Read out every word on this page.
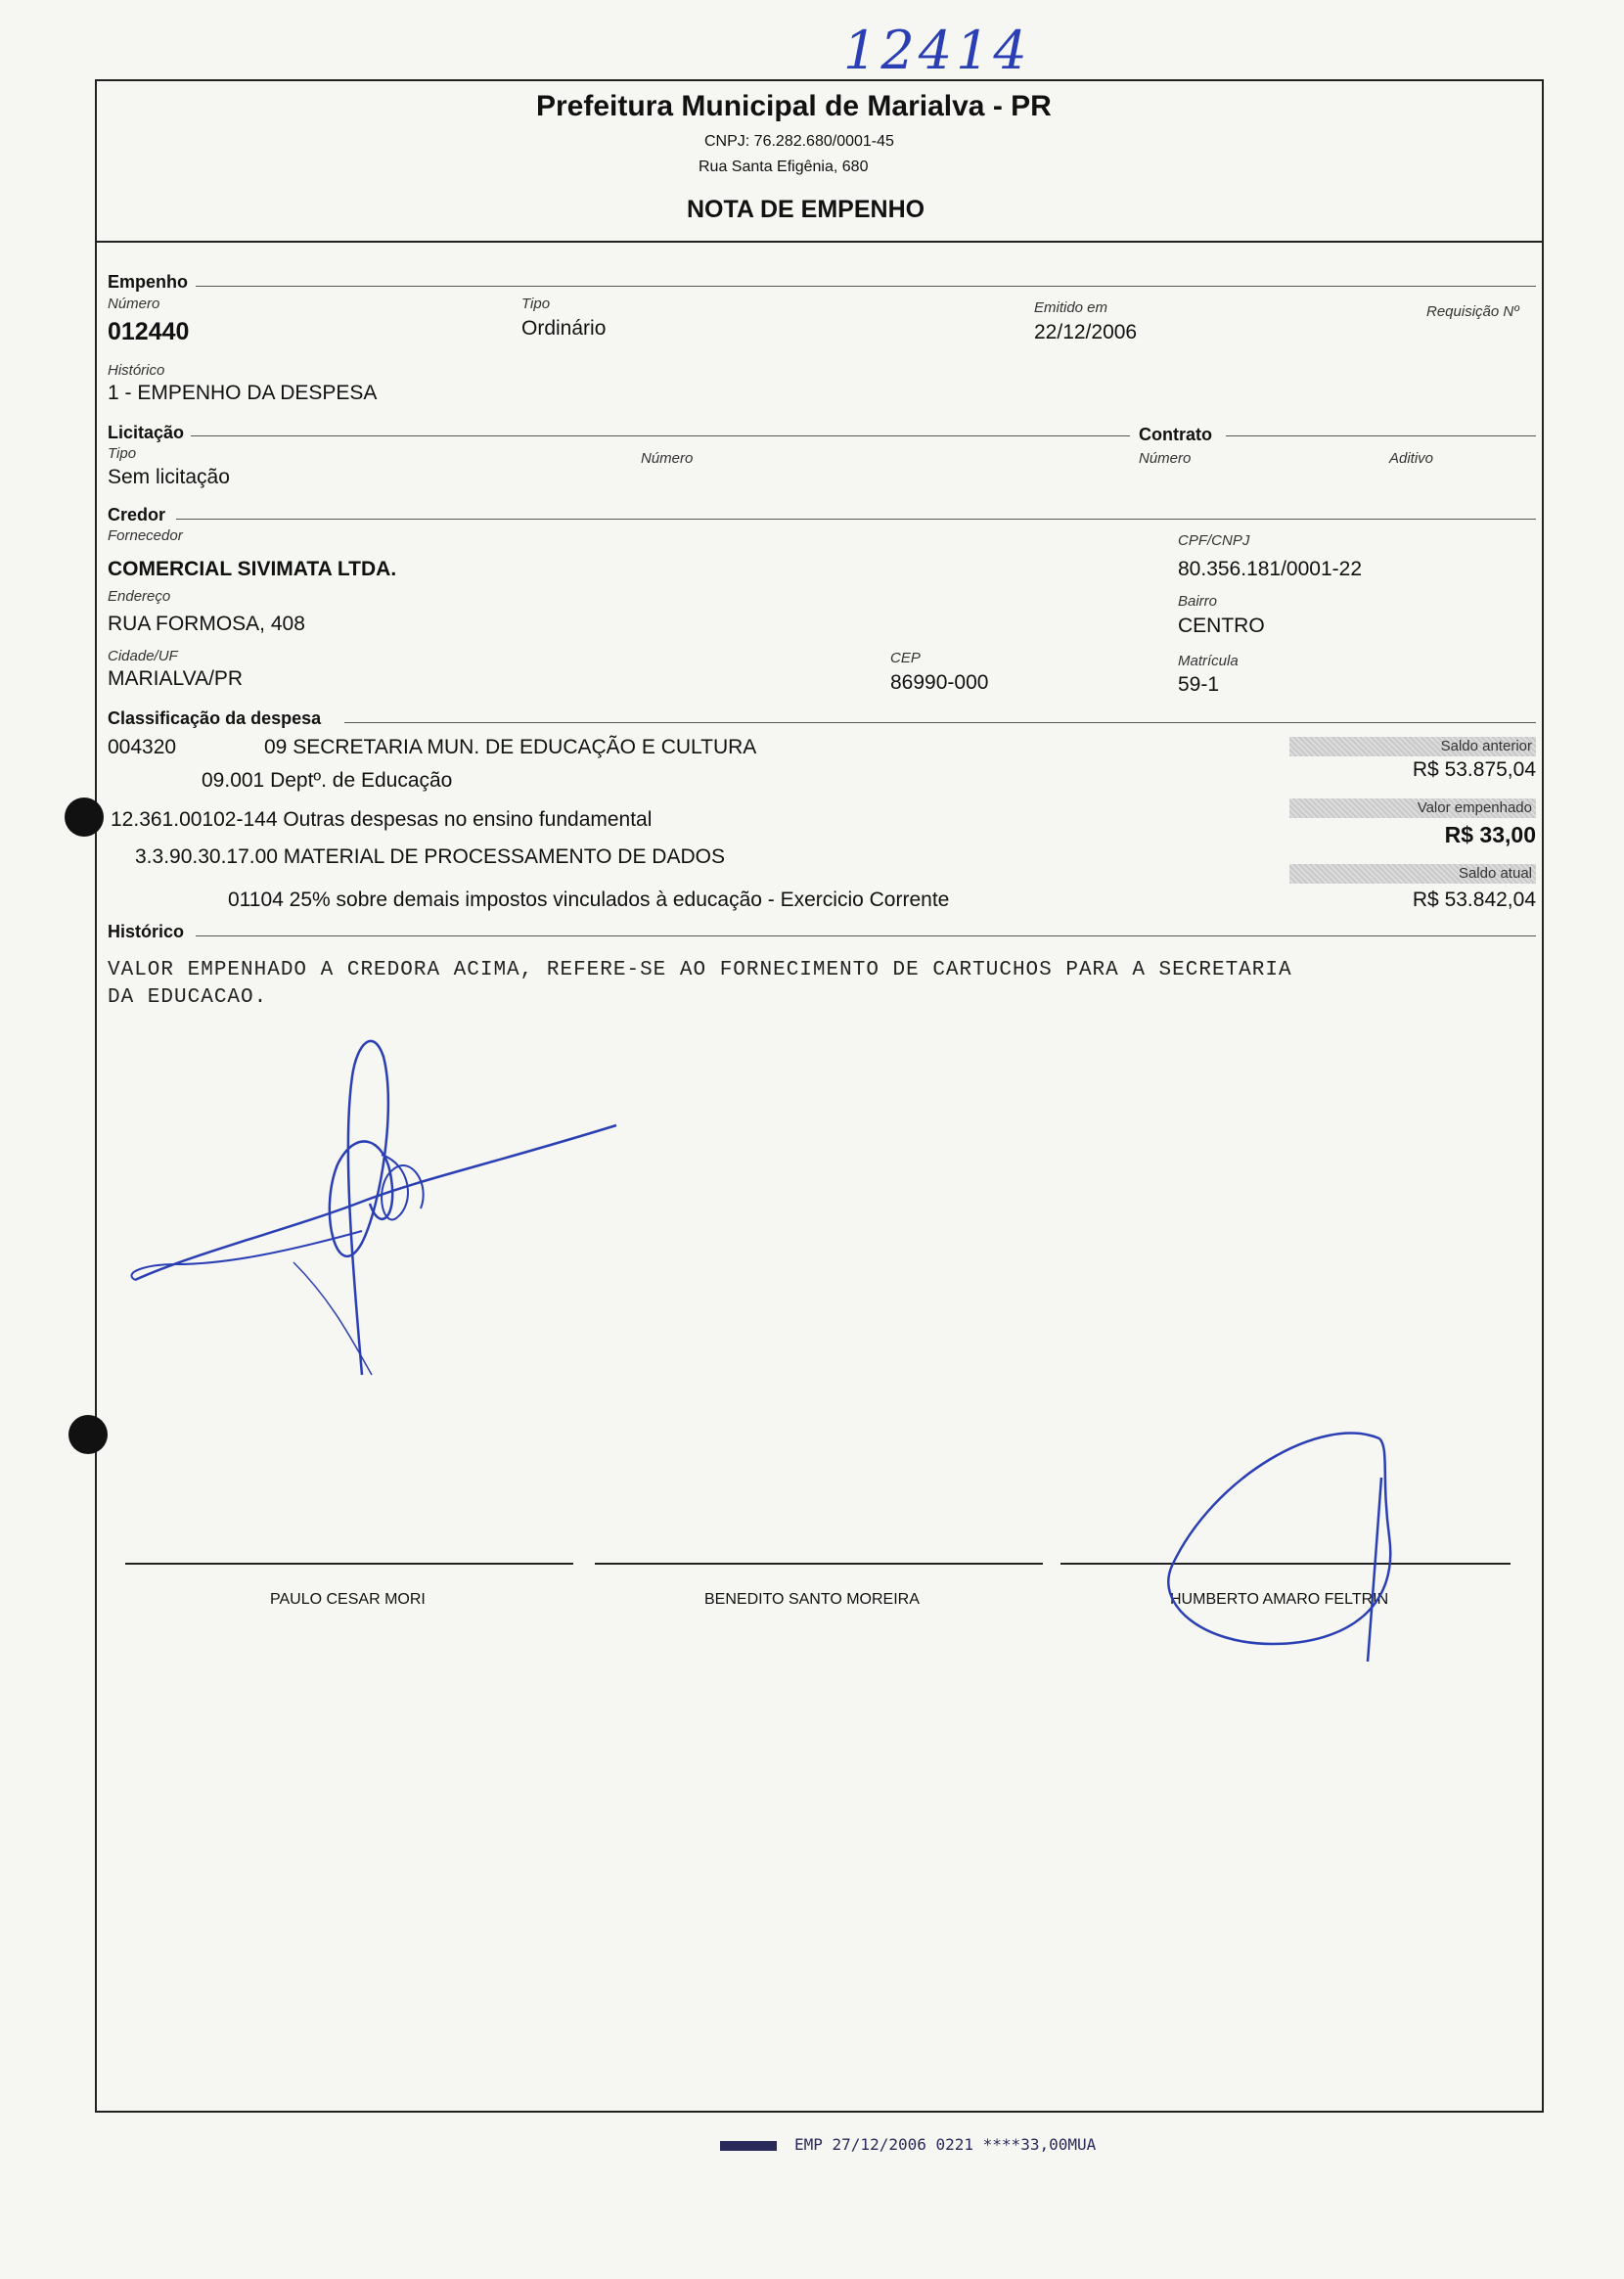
12414
Prefeitura Municipal de Marialva - PR
CNPJ: 76.282.680/0001-45
Rua Santa Efigênia, 680
NOTA DE EMPENHO
Empenho
Número
012440
Tipo
Ordinário
Emitido em
22/12/2006
Requisição Nº
Histórico
1 - EMPENHO DA DESPESA
Licitação	Contrato
Tipo
Sem licitação
Número	Número	Aditivo
Credor
Fornecedor
COMERCIAL SIVIMATA LTDA.
CPF/CNPJ
80.356.181/0001-22
Endereço
RUA FORMOSA, 408
Bairro
CENTRO
Cidade/UF
MARIALVA/PR
CEP
86990-000
Matrícula
59-1
Classificação da despesa
004320	09 SECRETARIA MUN. DE EDUCAÇÃO E CULTURA
09.001 Deptº. de Educação
12.361.00102-144 Outras despesas no ensino fundamental
3.3.90.30.17.00 MATERIAL DE PROCESSAMENTO DE DADOS
01104 25% sobre demais impostos vinculados à educação - Exercicio Corrente
Saldo anterior
R$ 53.875,04
Valor empenhado
R$ 33,00
Saldo atual
R$ 53.842,04
Histórico
VALOR EMPENHADO A CREDORA ACIMA, REFERE-SE AO FORNECIMENTO DE CARTUCHOS PARA A SECRETARIA
DA EDUCACAO.
PAULO CESAR MORI	BENEDITO SANTO MOREIRA	HUMBERTO AMARO FELTRIN
EMP 27/12/2006 0221 ****33,00MUA
